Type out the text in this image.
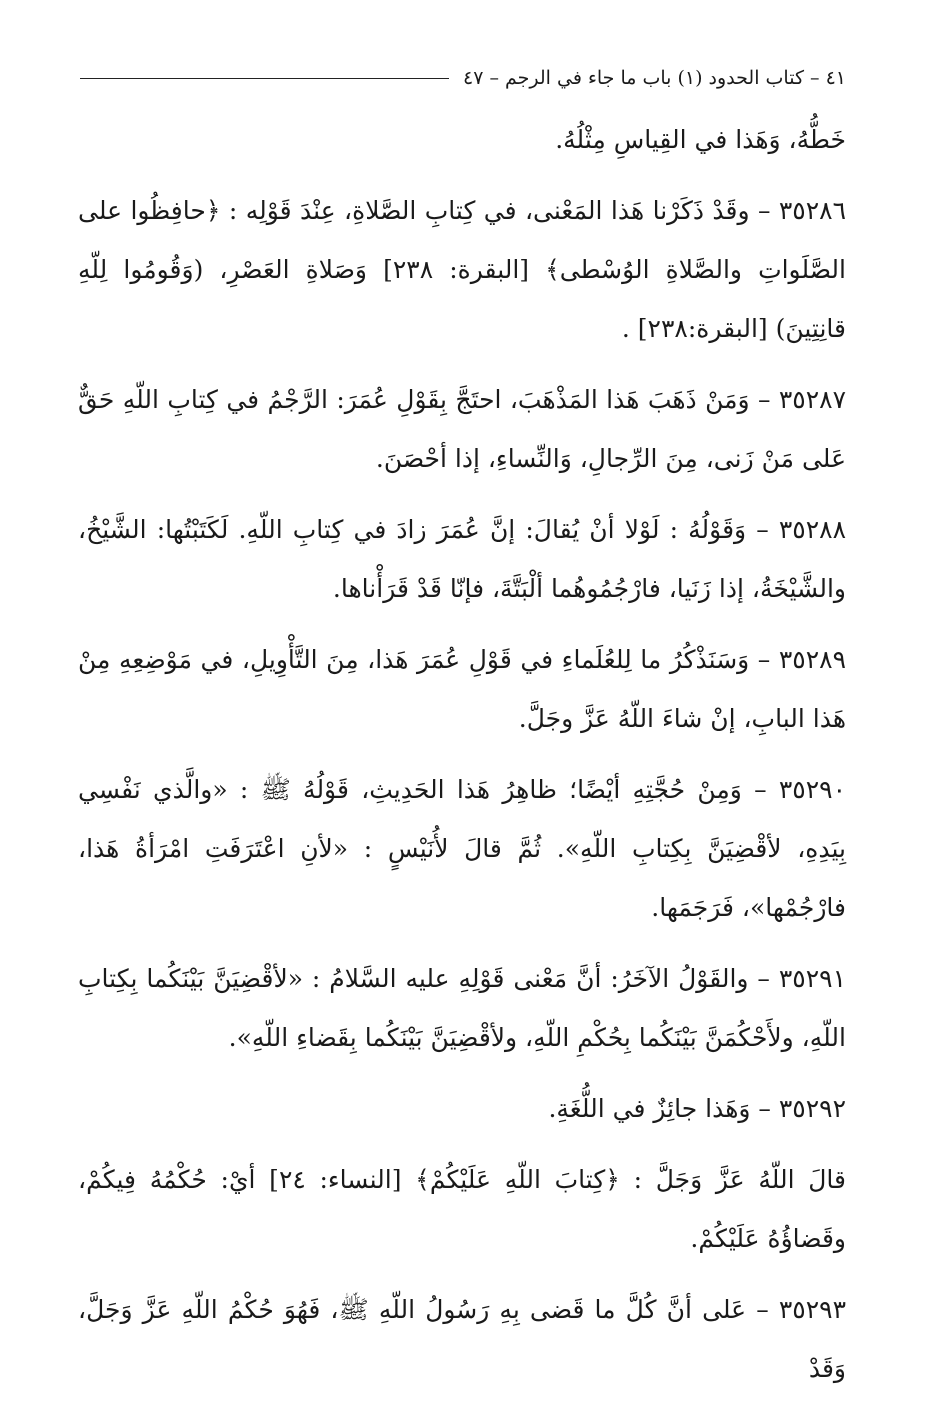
٤١ – كتاب الحدود (١) باب ما جاء في الرجم – ٤٧

خَطُّهُ، وَهَذا في القِياسِ مِثْلُهُ.

٣٥٢٨٦ – وقَدْ ذَكَرْنا هَذا المَعْنى، في كِتابِ الصَّلاةِ، عِنْدَ قَوْلِه : ﴿حافِظُوا على الصَّلَواتِ والصَّلاةِ الوُسْطى﴾ [البقرة: ٢٣٨] وَصَلاةِ العَصْرِ، (وَقُومُوا لِلّهِ قانِتِينَ) [البقرة:٢٣٨] .

٣٥٢٨٧ – وَمَنْ ذَهَبَ هَذا المَذْهَبَ، احتَجَّ بِقَوْلِ عُمَرَ: الرَّجْمُ في كِتابِ اللّهِ حَقٌّ عَلى مَنْ زَنى، مِنَ الرِّجالِ، وَالنِّساءِ، إذا أحْصَنَ.

٣٥٢٨٨ – وَقَوْلُهُ : لَوْلا أنْ يُقالَ: إنَّ عُمَرَ زادَ في كِتابِ اللّهِ. لَكَتَبْتُها: الشَّيْخُ، والشَّيْخَةُ، إذا زَنَيا، فارْجُمُوهُما ألْبَتَّةَ، فإنّا قَدْ قَرَأْناها.

٣٥٢٨٩ – وَسَنَذْكُرُ ما لِلعُلَماءِ في قَوْلِ عُمَرَ هَذا، مِنَ التَّأْوِيلِ، في مَوْضِعِهِ مِنْ هَذا البابِ، إنْ شاءَ اللّهُ عَزَّ وجَلَّ.

٣٥٢٩٠ – وَمِنْ حُجَّتِهِ أيْضًا؛ ظاهِرُ هَذا الحَدِيثِ، قَوْلُهُ ﷺ : «والَّذي نَفْسِي بِيَدِهِ، لأقْضِيَنَّ بِكِتابِ اللّهِ». ثُمَّ قالَ لأُنَيْسٍ : «لأنِ اعْتَرَفَتِ امْرَأةُ هَذا، فارْجُمْها»، فَرَجَمَها.

٣٥٢٩١ – والقَوْلُ الآخَرُ: أنَّ مَعْنى قَوْلِهِ عليه السَّلامُ : «لأقْضِيَنَّ بَيْنَكُما بِكِتابِ اللّهِ، ولأَحْكُمَنَّ بَيْنَكُما بِحُكْمِ اللّهِ، ولأقْضِيَنَّ بَيْنَكُما بِقَضاءِ اللّهِ».

٣٥٢٩٢ – وَهَذا جائِزٌ في اللُّغَةِ.

قالَ اللّهُ عَزَّ وَجَلَّ : ﴿كِتابَ اللّهِ عَلَيْكُمْ﴾ [النساء: ٢٤] أيْ: حُكْمُهُ فِيكُمْ، وقَضاؤُهُ عَلَيْكُمْ.

٣٥٢٩٣ – عَلى أنَّ كُلَّ ما قَضى بِهِ رَسُولُ اللّهِ ﷺ، فَهُوَ حُكْمُ اللّهِ عَزَّ وَجَلَّ، وَقَدْ
